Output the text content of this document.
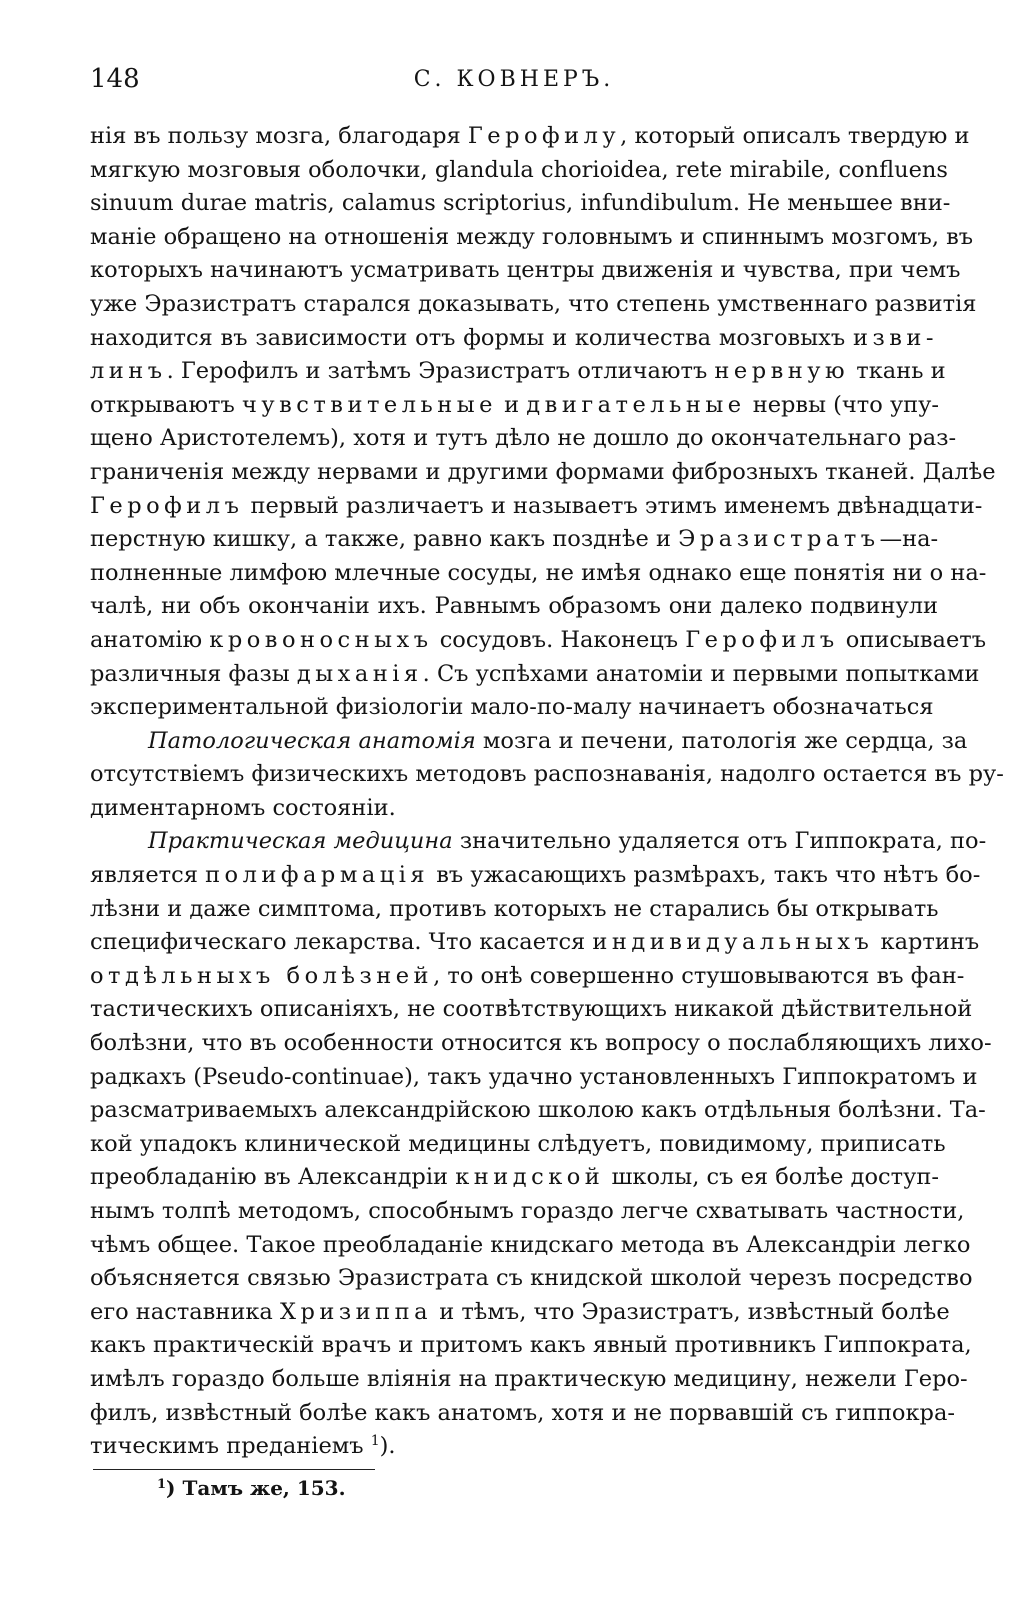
148	С. КОВНЕРЪ.
нія въ пользу мозга, благодаря Герофилу, который описалъ твердую и
мягкую мозговыя оболочки, glandula chorioidea, rete mirabile, confluens
sinuum durae matris, calamus scriptorius, infundibulum. Не меньшее вни-
маніе обращено на отношенія между головнымъ и спиннымъ мозгомъ, въ
которыхъ начинаютъ усматривать центры движенія и чувства, при чемъ
уже Эразистратъ старался доказывать, что степень умственнаго развитія
находится въ зависимости отъ формы и количества мозговыхъ изви-
линъ. Герофилъ и затѣмъ Эразистратъ отличаютъ нервную ткань и
открываютъ чувствительные и двигательные нервы (что упу-
щено Аристотелемъ), хотя и тутъ дѣло не дошло до окончательнаго раз-
граниченія между нервами и другими формами фиброзныхъ тканей. Далѣе
Герофилъ первый различаетъ и называетъ этимъ именемъ двѣнадцати-
перстную кишку, а также, равно какъ позднѣе и Эразистратъ—на-
полненные лимфою млечные сосуды, не имѣя однако еще понятія ни о на-
чалѣ, ни объ окончаніи ихъ. Равнымъ образомъ они далеко подвинули
анатомію кровоносныхъ сосудовъ. Наконецъ Герофилъ описываетъ
различныя фазы дыханія. Съ успѣхами анатоміи и первыми попытками
экспериментальной физіологіи мало-по-малу начинаетъ обозначаться
Патологическая анатомія мозга и печени, патологія же сердца, за
отсутствіемъ физическихъ методовъ распознаванія, надолго остается въ ру-
диментарномъ состояніи.
Практическая медицина значительно удаляется отъ Гиппократа, по-
является полифармація въ ужасающихъ размѣрахъ, такъ что нѣтъ бо-
лѣзни и даже симптома, противъ которыхъ не старались бы открывать
специфическаго лекарства. Что касается индивидуальныхъ картинъ
отдѣльныхъ болѣзней, то онѣ совершенно стушовываются въ фан-
тастическихъ описаніяхъ, не соотвѣтствующихъ никакой дѣйствительной
болѣзни, что въ особенности относится къ вопросу о послабляющихъ лихо-
радкахъ (Pseudo-continuae), такъ удачно установленныхъ Гиппократомъ и
разсматриваемыхъ александрійскою школою какъ отдѣльныя болѣзни. Та-
кой упадокъ клинической медицины слѣдуетъ, повидимому, приписать
преобладанію въ Александріи книдской школы, съ ея болѣе доступ-
нымъ толпѣ методомъ, способнымъ гораздо легче схватывать частности,
чѣмъ общее. Такое преобладаніе книдскаго метода въ Александріи легко
объясняется связью Эразистрата съ книдской школой черезъ посредство
его наставника Хризиппа и тѣмъ, что Эразистратъ, извѣстный болѣе
какъ практическій врачъ и притомъ какъ явный противникъ Гиппократа,
имѣлъ гораздо больше вліянія на практическую медицину, нежели Геро-
филъ, извѣстный болѣе какъ анатомъ, хотя и не порвавшій съ гиппокра-
тическимъ преданіемъ $^1$).
$^1$) Тамъ же, 153.
